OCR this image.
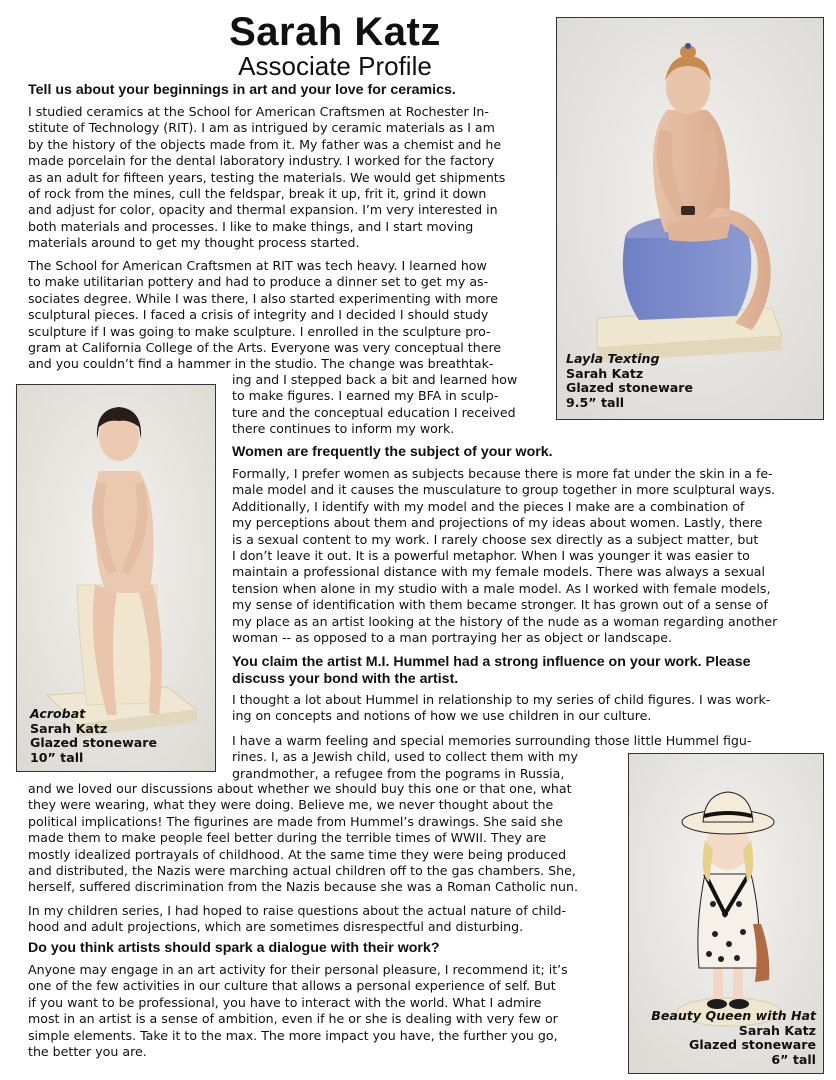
Sarah Katz
Associate Profile
Tell us about your beginnings in art and your love for ceramics.
I studied ceramics at the School for American Craftsmen at Rochester In-
stitute of Technology (RIT). I am as intrigued by ceramic materials as I am
by the history of the objects made from it. My father was a chemist and he
made porcelain for the dental laboratory industry. I worked for the factory
as an adult for fifteen years, testing the materials. We would get shipments
of rock from the mines, cull the feldspar, break it up, frit it, grind it down
and adjust for color, opacity and thermal expansion. I’m very interested in
both materials and processes. I like to make things, and I start moving
materials around to get my thought process started.
The School for American Craftsmen at RIT was tech heavy. I learned how
to make utilitarian pottery and had to produce a dinner set to get my as-
sociates degree. While I was there, I also started experimenting with more
sculptural pieces. I faced a crisis of integrity and I decided I should study
sculpture if I was going to make sculpture. I enrolled in the sculpture pro-
gram at California College of the Arts. Everyone was very conceptual there
and you couldn’t find a hammer in the studio. The change was breathtak-
ing and I stepped back a bit and learned how
to make figures. I earned my BFA in sculp-
ture and the conceptual education I received
there continues to inform my work.
Women are frequently the subject of your work.
Formally, I prefer women as subjects because there is more fat under the skin in a fe-
male model and it causes the musculature to group together in more sculptural ways.
Additionally, I identify with my model and the pieces I make are a combination of
my perceptions about them and projections of my ideas about women. Lastly, there
is a sexual content to my work. I rarely choose sex directly as a subject matter, but
I don’t leave it out. It is a powerful metaphor. When I was younger it was easier to
maintain a professional distance with my female models. There was always a sexual
tension when alone in my studio with a male model. As I worked with female models,
my sense of identification with them became stronger. It has grown out of a sense of
my place as an artist looking at the history of the nude as a woman regarding another
woman -- as opposed to a man portraying her as object or landscape.
You claim the artist M.I. Hummel had a strong influence on your work. Please
discuss your bond with the artist.
I thought a lot about Hummel in relationship to my series of child figures. I was work-
ing on concepts and notions of how we use children in our culture.
I have a warm feeling and special memories surrounding those little Hummel figu-
rines. I, as a Jewish child, used to collect them with my
grandmother, a refugee from the pograms in Russia,
and we loved our discussions about whether we should buy this one or that one, what
they were wearing, what they were doing. Believe me, we never thought about the
political implications! The figurines are made from Hummel’s drawings. She said she
made them to make people feel better during the terrible times of WWII. They are
mostly idealized portrayals of childhood. At the same time they were being produced
and distributed, the Nazis were marching actual children off to the gas chambers. She,
herself, suffered discrimination from the Nazis because she was a Roman Catholic nun.
In my children series, I had hoped to raise questions about the actual nature of child-
hood and adult projections, which are sometimes disrespectful and disturbing.
Do you think artists should spark a dialogue with their work?
Anyone may engage in an art activity for their personal pleasure, I recommend it; it’s
one of the few activities in our culture that allows a personal experience of self. But
if you want to be professional, you have to interact with the world. What I admire
most in an artist is a sense of ambition, even if he or she is dealing with very few or
simple elements. Take it to the max. The more impact you have, the further you go,
the better you are.
Layla Texting
Sarah Katz
Glazed stoneware
9.5” tall
Acrobat
Sarah Katz
Glazed stoneware
10” tall
Beauty Queen with Hat
Sarah Katz
Glazed stoneware
6” tall
